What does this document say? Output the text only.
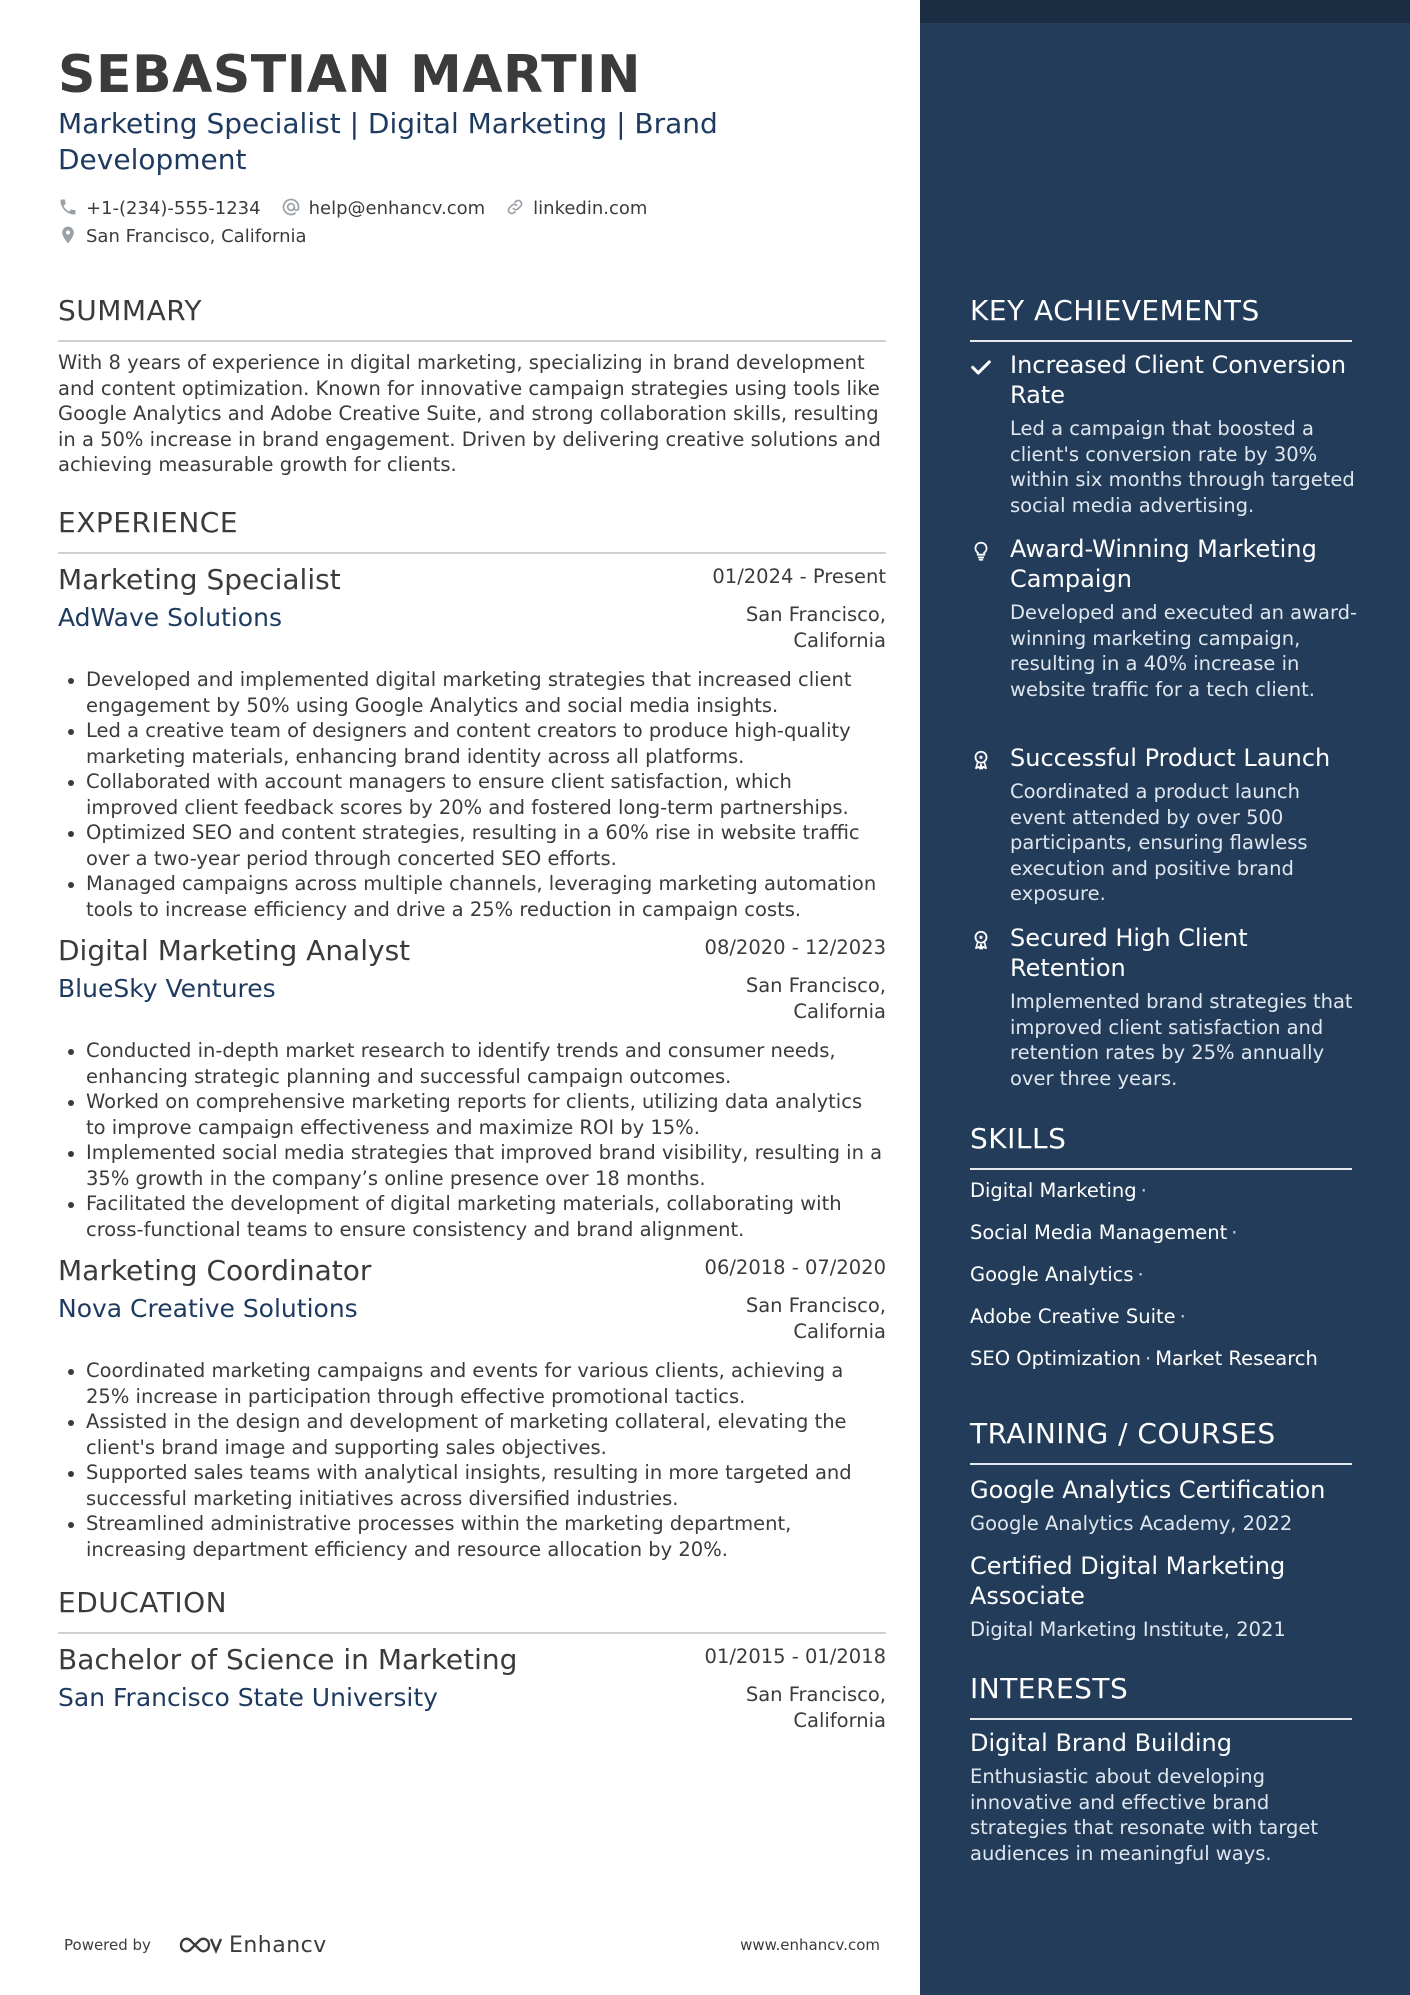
SEBASTIAN MARTIN
Marketing Specialist | Digital Marketing | Brand Development
+1-(234)-555-1234	help@enhancv.com	linkedin.com
San Francisco, California
SUMMARY
With 8 years of experience in digital marketing, specializing in brand development and content optimization. Known for innovative campaign strategies using tools like Google Analytics and Adobe Creative Suite, and strong collaboration skills, resulting in a 50% increase in brand engagement. Driven by delivering creative solutions and achieving measurable growth for clients.
EXPERIENCE
Marketing Specialist	01/2024 - Present
AdWave Solutions	San Francisco, California
Developed and implemented digital marketing strategies that increased client engagement by 50% using Google Analytics and social media insights.
Led a creative team of designers and content creators to produce high-quality marketing materials, enhancing brand identity across all platforms.
Collaborated with account managers to ensure client satisfaction, which improved client feedback scores by 20% and fostered long-term partnerships.
Optimized SEO and content strategies, resulting in a 60% rise in website traffic over a two-year period through concerted SEO efforts.
Managed campaigns across multiple channels, leveraging marketing automation tools to increase efficiency and drive a 25% reduction in campaign costs.
Digital Marketing Analyst	08/2020 - 12/2023
BlueSky Ventures	San Francisco, California
Conducted in-depth market research to identify trends and consumer needs, enhancing strategic planning and successful campaign outcomes.
Worked on comprehensive marketing reports for clients, utilizing data analytics to improve campaign effectiveness and maximize ROI by 15%.
Implemented social media strategies that improved brand visibility, resulting in a 35% growth in the company’s online presence over 18 months.
Facilitated the development of digital marketing materials, collaborating with cross-functional teams to ensure consistency and brand alignment.
Marketing Coordinator	06/2018 - 07/2020
Nova Creative Solutions	San Francisco, California
Coordinated marketing campaigns and events for various clients, achieving a 25% increase in participation through effective promotional tactics.
Assisted in the design and development of marketing collateral, elevating the client's brand image and supporting sales objectives.
Supported sales teams with analytical insights, resulting in more targeted and successful marketing initiatives across diversified industries.
Streamlined administrative processes within the marketing department, increasing department efficiency and resource allocation by 20%.
EDUCATION
Bachelor of Science in Marketing	01/2015 - 01/2018
San Francisco State University	San Francisco, California
Powered by	Enhancv	www.enhancv.com
KEY ACHIEVEMENTS
Increased Client Conversion Rate
Led a campaign that boosted a client's conversion rate by 30% within six months through targeted social media advertising.
Award-Winning Marketing Campaign
Developed and executed an award-winning marketing campaign, resulting in a 40% increase in website traffic for a tech client.
Successful Product Launch
Coordinated a product launch event attended by over 500 participants, ensuring flawless execution and positive brand exposure.
Secured High Client Retention
Implemented brand strategies that improved client satisfaction and retention rates by 25% annually over three years.
SKILLS
Digital Marketing ·
Social Media Management ·
Google Analytics ·
Adobe Creative Suite ·
SEO Optimization · Market Research
TRAINING / COURSES
Google Analytics Certification
Google Analytics Academy, 2022
Certified Digital Marketing Associate
Digital Marketing Institute, 2021
INTERESTS
Digital Brand Building
Enthusiastic about developing innovative and effective brand strategies that resonate with target audiences in meaningful ways.
